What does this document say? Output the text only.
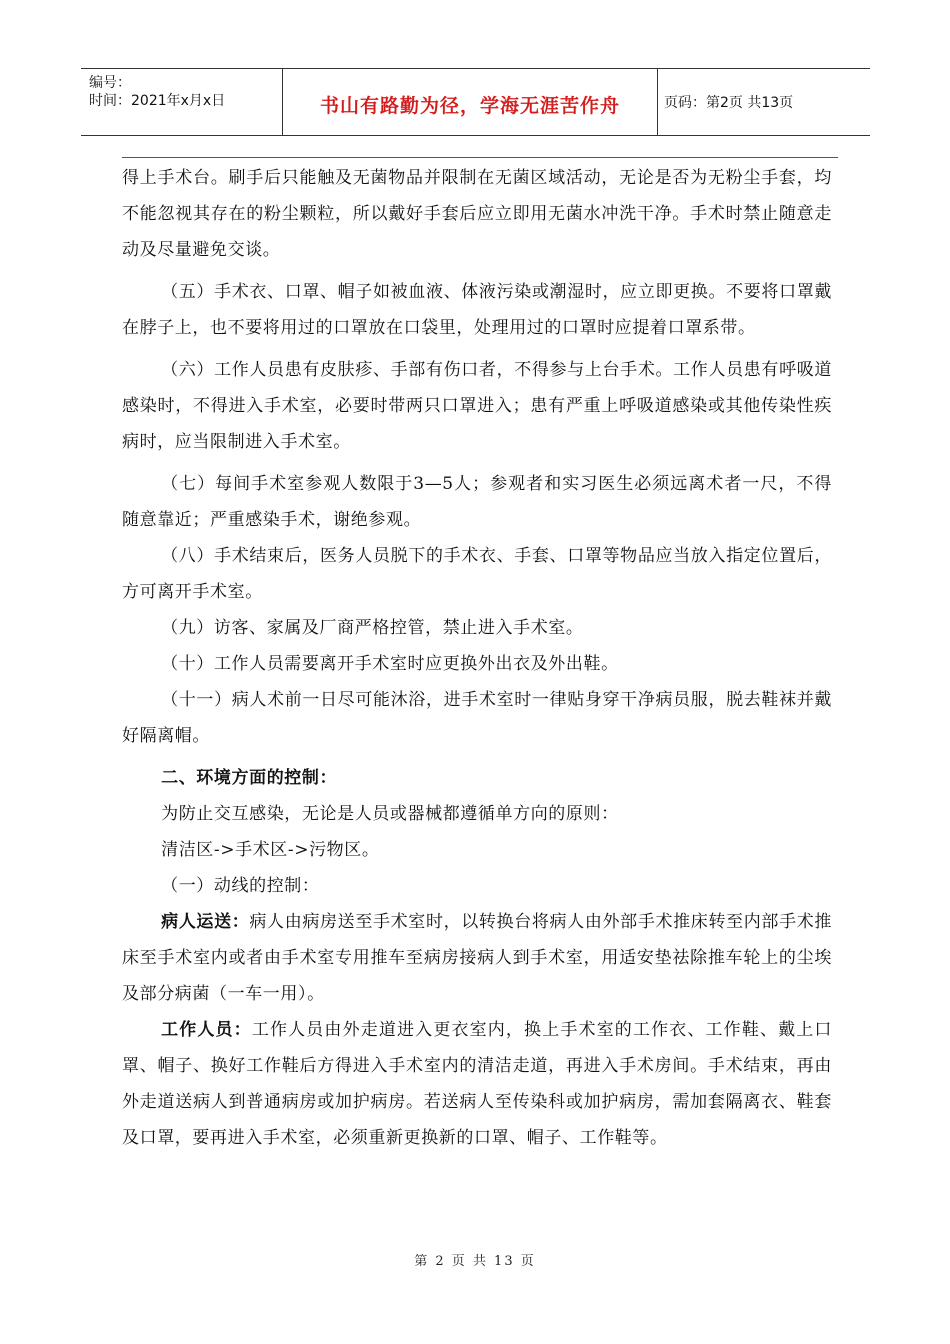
编号：
时间：2021年x月x日	书山有路勤为径，学海无涯苦作舟	页码：第2页 共13页

得上手术台。刷手后只能触及无菌物品并限制在无菌区域活动，无论是否为无粉尘手套，均不能忽视其存在的粉尘颗粒，所以戴好手套后应立即用无菌水冲洗干净。手术时禁止随意走动及尽量避免交谈。

（五）手术衣、口罩、帽子如被血液、体液污染或潮湿时，应立即更换。不要将口罩戴在脖子上，也不要将用过的口罩放在口袋里，处理用过的口罩时应提着口罩系带。

（六）工作人员患有皮肤疹、手部有伤口者，不得参与上台手术。工作人员患有呼吸道感染时，不得进入手术室，必要时带两只口罩进入；患有严重上呼吸道感染或其他传染性疾病时，应当限制进入手术室。

（七）每间手术室参观人数限于3—5人；参观者和实习医生必须远离术者一尺，不得随意靠近；严重感染手术，谢绝参观。

（八）手术结束后，医务人员脱下的手术衣、手套、口罩等物品应当放入指定位置后，方可离开手术室。

（九）访客、家属及厂商严格控管，禁止进入手术室。

（十）工作人员需要离开手术室时应更换外出衣及外出鞋。

（十一）病人术前一日尽可能沐浴，进手术室时一律贴身穿干净病员服，脱去鞋袜并戴好隔离帽。

二、环境方面的控制：

为防止交互感染，无论是人员或器械都遵循单方向的原则：

清洁区->手术区->污物区。

（一）动线的控制：

病人运送：病人由病房送至手术室时，以转换台将病人由外部手术推床转至内部手术推床至手术室内或者由手术室专用推车至病房接病人到手术室，用适安垫祛除推车轮上的尘埃及部分病菌（一车一用）。

工作人员：工作人员由外走道进入更衣室内，换上手术室的工作衣、工作鞋、戴上口罩、帽子、换好工作鞋后方得进入手术室内的清洁走道，再进入手术房间。手术结束，再由外走道送病人到普通病房或加护病房。若送病人至传染科或加护病房，需加套隔离衣、鞋套及口罩，要再进入手术室，必须重新更换新的口罩、帽子、工作鞋等。

第 2 页 共 13 页
